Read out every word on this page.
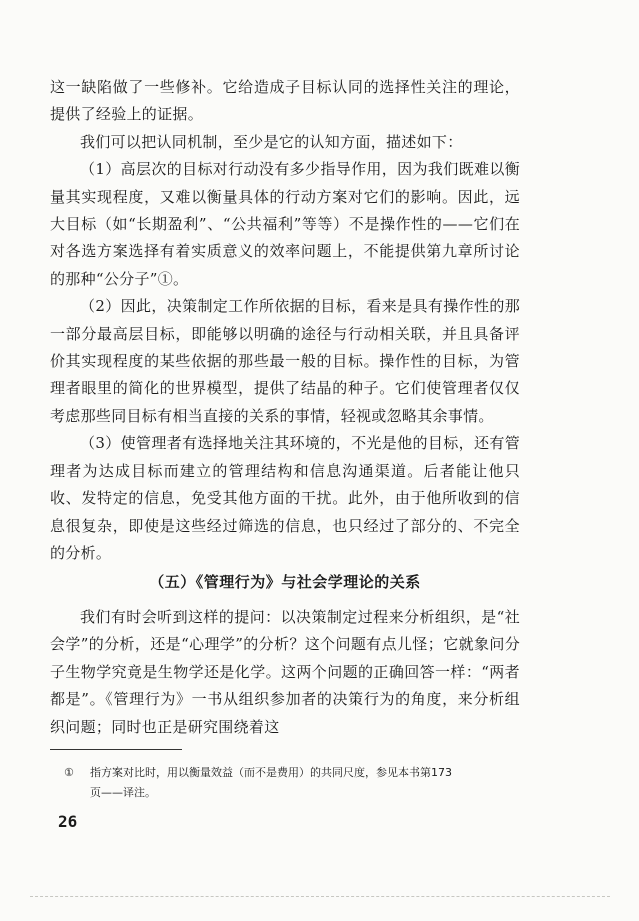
这一缺陷做了一些修补。它给造成子目标认同的选择性关注的理论，提供了经验上的证据。

我们可以把认同机制，至少是它的认知方面，描述如下：

（1）高层次的目标对行动没有多少指导作用，因为我们既难以衡量其实现程度，又难以衡量具体的行动方案对它们的影响。因此，远大目标（如“长期盈利”、“公共福利”等等）不是操作性的——它们在对各选方案选择有着实质意义的效率问题上，不能提供第九章所讨论的那种“公分子”①。

（2）因此，决策制定工作所依据的目标，看来是具有操作性的那一部分最高层目标，即能够以明确的途径与行动相关联，并且具备评价其实现程度的某些依据的那些最一般的目标。操作性的目标，为管理者眼里的简化的世界模型，提供了结晶的种子。它们使管理者仅仅考虑那些同目标有相当直接的关系的事情，轻视或忽略其余事情。

（3）使管理者有选择地关注其环境的，不光是他的目标，还有管理者为达成目标而建立的管理结构和信息沟通渠道。后者能让他只收、发特定的信息，免受其他方面的干扰。此外，由于他所收到的信息很复杂，即使是这些经过筛选的信息，也只经过了部分的、不完全的分析。

（五）《管理行为》与社会学理论的关系

我们有时会听到这样的提问：以决策制定过程来分析组织，是“社会学”的分析，还是“心理学”的分析？这个问题有点儿怪；它就象问分子生物学究竟是生物学还是化学。这两个问题的正确回答一样：“两者都是”。《管理行为》一书从组织参加者的决策行为的角度，来分析组织问题；同时也正是研究围绕着这

① 指方案对比时，用以衡量效益（而不是费用）的共同尺度，参见本书第173
页——译注。
26
